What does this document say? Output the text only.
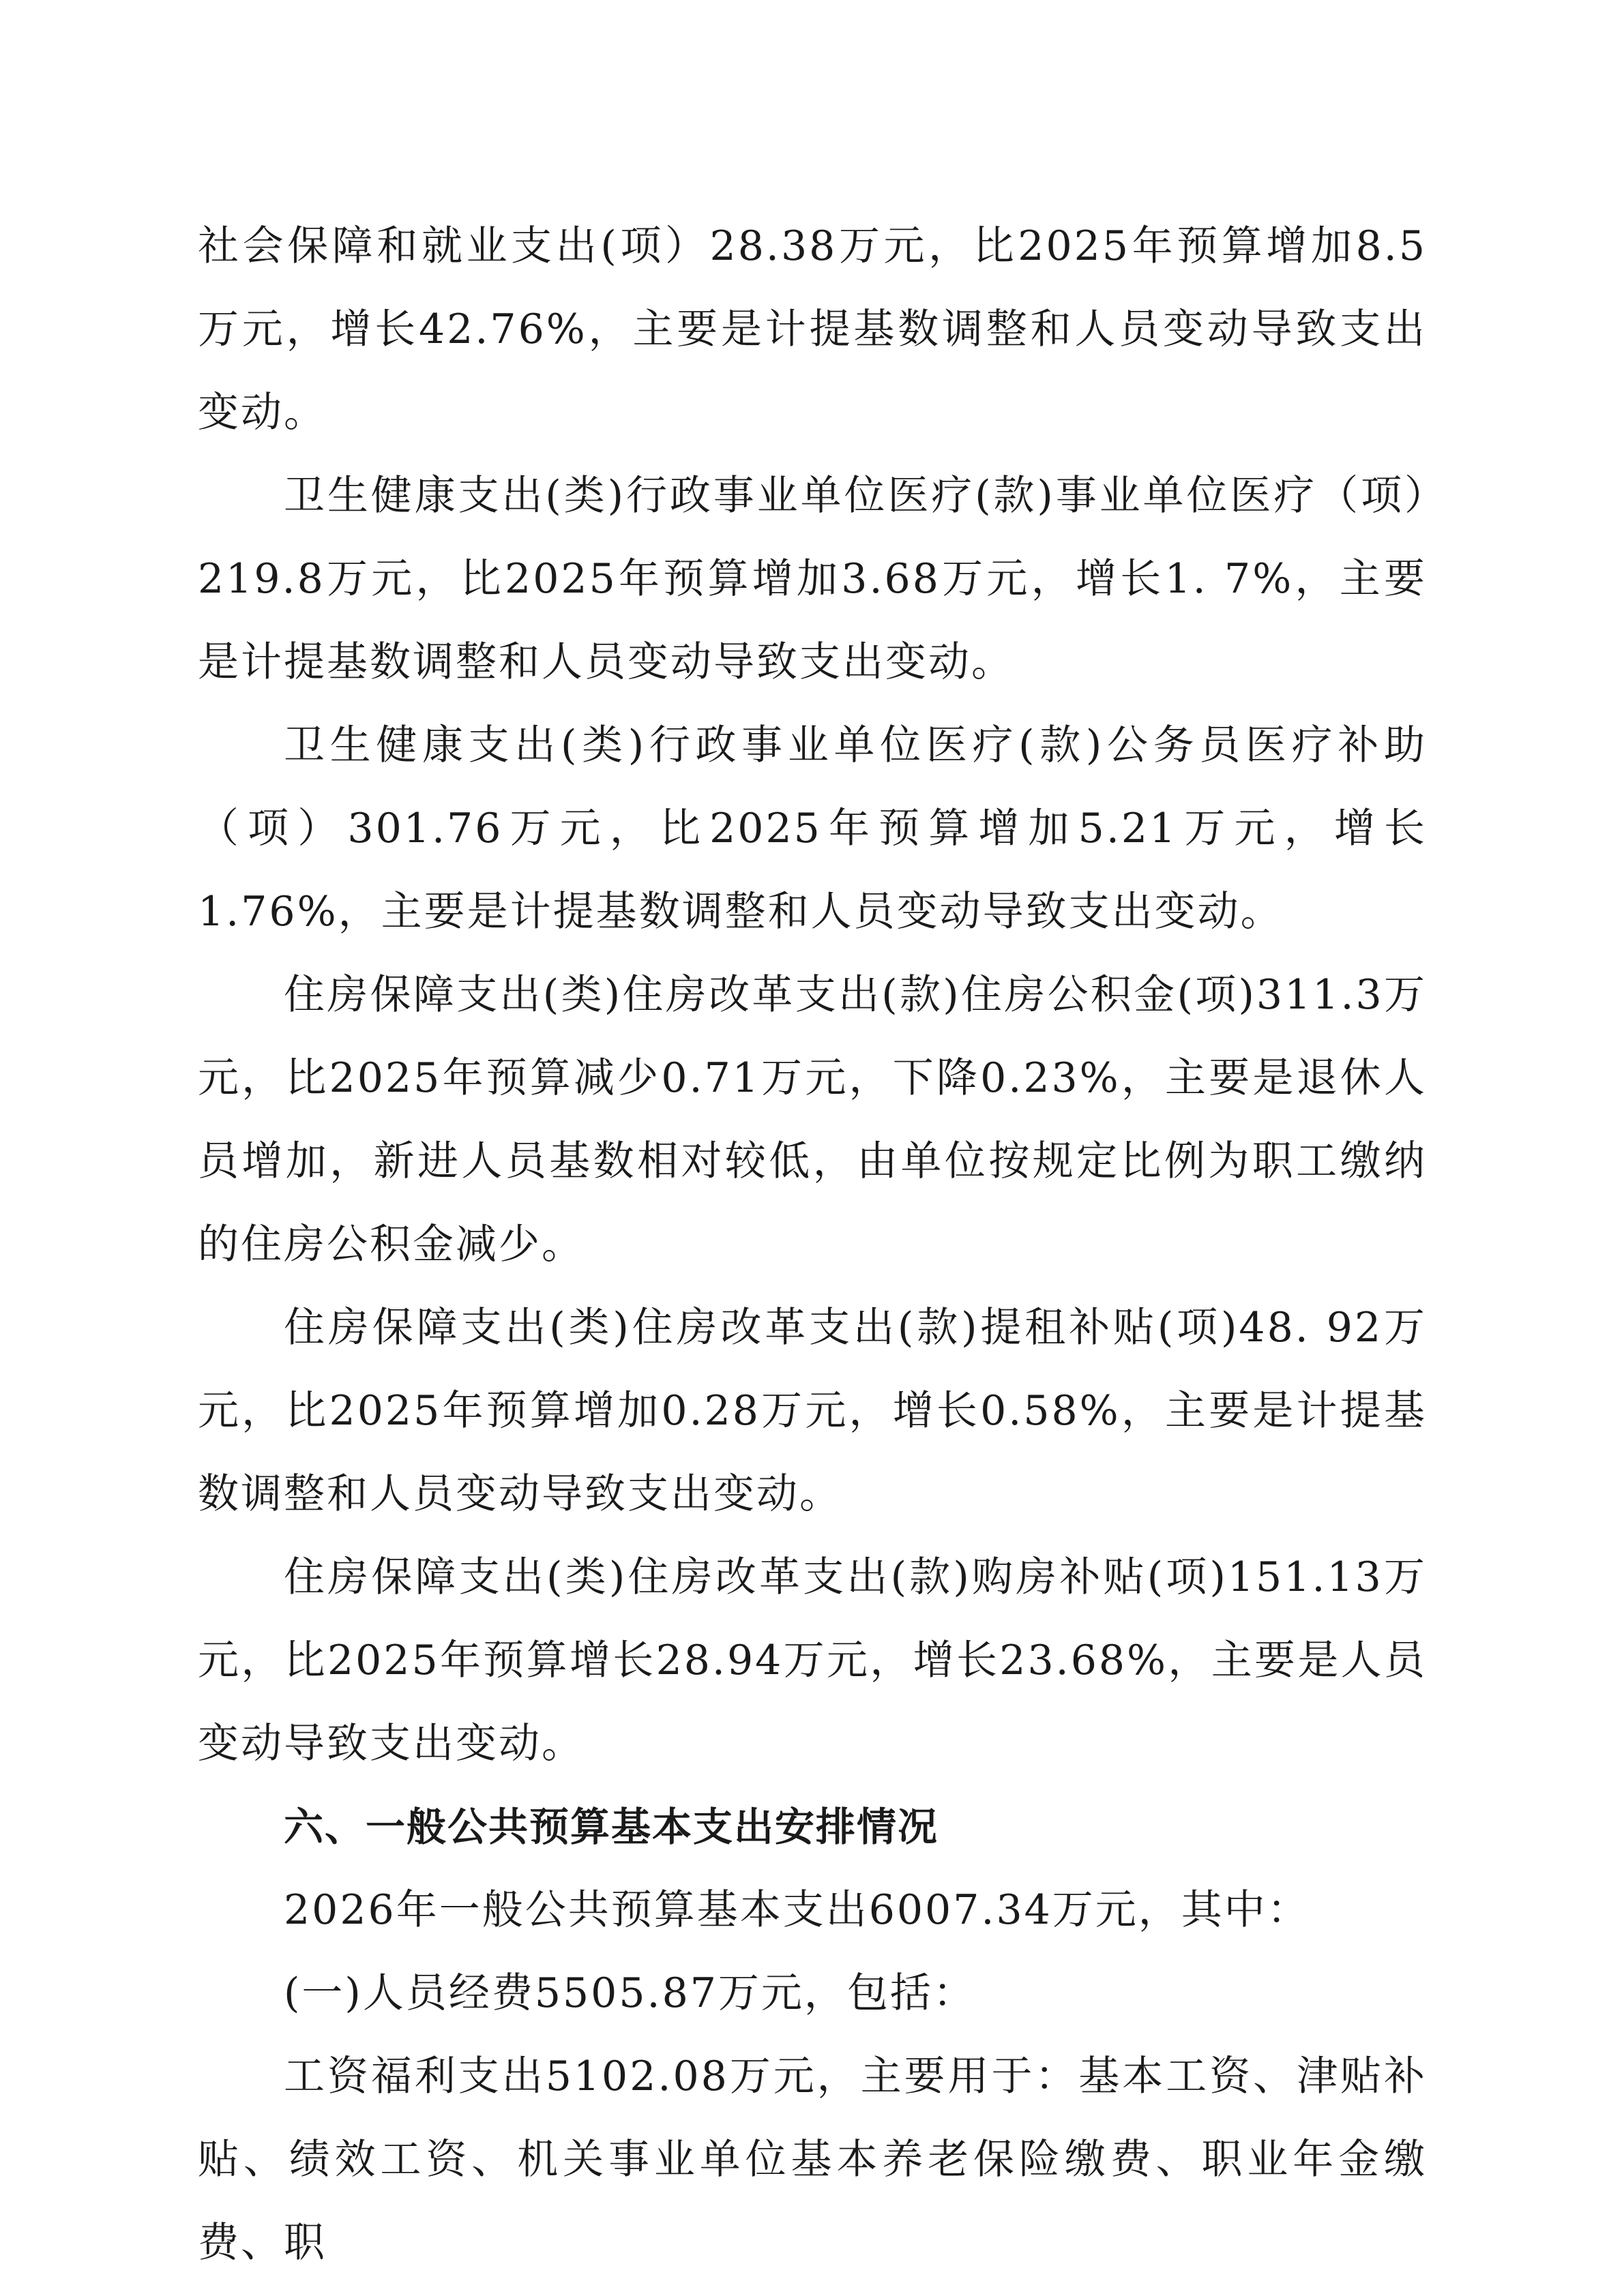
社会保障和就业支出(项）28.38万元，比2025年预算增加8.5万元，增长42.76%，主要是计提基数调整和人员变动导致支出变动。

卫生健康支出(类)行政事业单位医疗(款)事业单位医疗（项）219.8万元，比2025年预算增加3.68万元，增长1. 7%，主要是计提基数调整和人员变动导致支出变动。

卫生健康支出(类)行政事业单位医疗(款)公务员医疗补助（项）301.76万元，比2025年预算增加5.21万元，增长1.76%，主要是计提基数调整和人员变动导致支出变动。

住房保障支出(类)住房改革支出(款)住房公积金(项)311.3万元，比2025年预算减少0.71万元，下降0.23%，主要是退休人员增加，新进人员基数相对较低，由单位按规定比例为职工缴纳的住房公积金减少。

住房保障支出(类)住房改革支出(款)提租补贴(项)48. 92万元，比2025年预算增加0.28万元，增长0.58%，主要是计提基数调整和人员变动导致支出变动。

住房保障支出(类)住房改革支出(款)购房补贴(项)151.13万元，比2025年预算增长28.94万元，增长23.68%，主要是人员变动导致支出变动。

六、一般公共预算基本支出安排情况

2026年一般公共预算基本支出6007.34万元，其中：

(一)人员经费5505.87万元，包括：

工资福利支出5102.08万元，主要用于：基本工资、津贴补贴、绩效工资、机关事业单位基本养老保险缴费、职业年金缴费、职
